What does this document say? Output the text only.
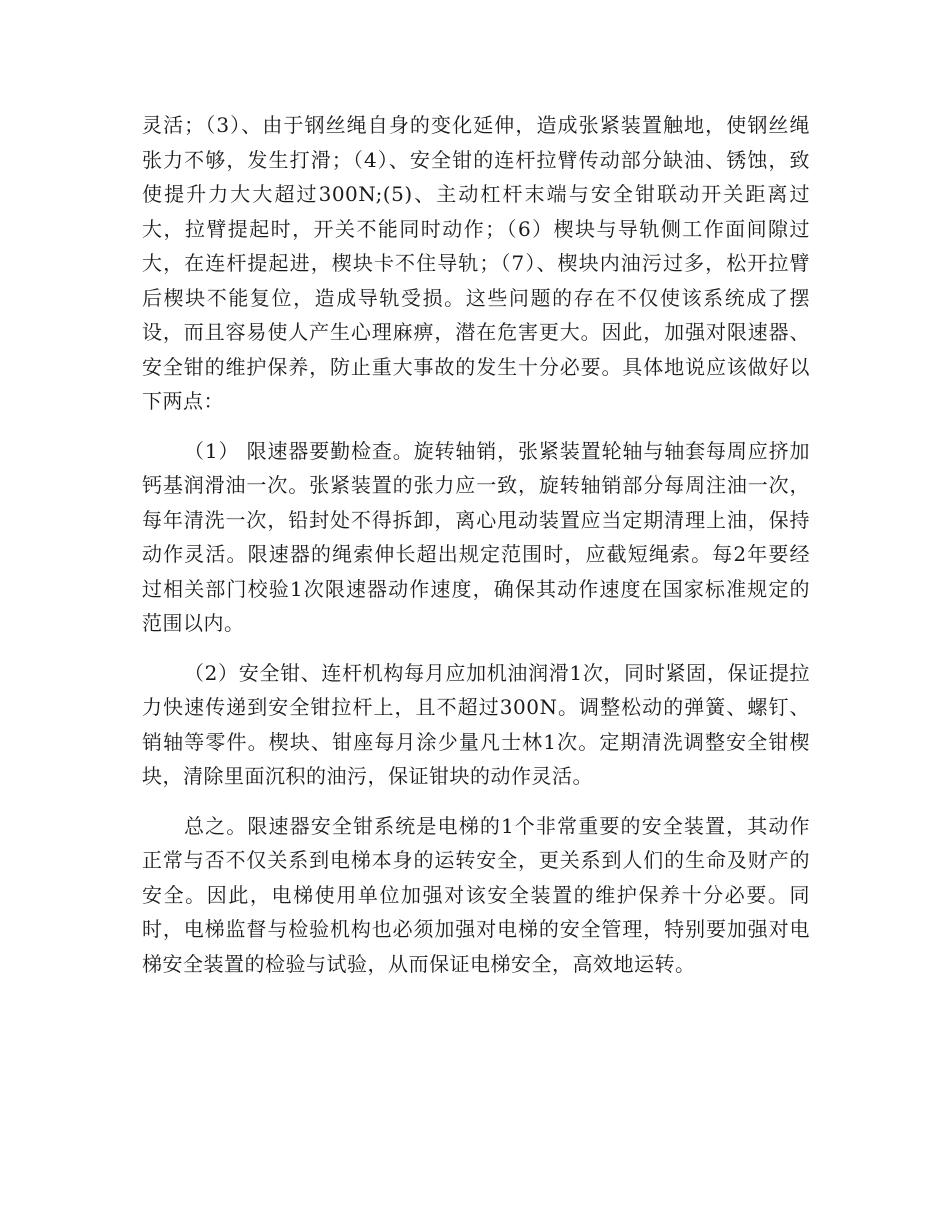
灵活；（3）、由于钢丝绳自身的变化延伸，造成张紧装置触地，使钢丝绳张力不够，发生打滑；（4）、安全钳的连杆拉臂传动部分缺油、锈蚀，致使提升力大大超过300N;(5)、主动杠杆末端与安全钳联动开关距离过大，拉臂提起时，开关不能同时动作；（6）楔块与导轨侧工作面间隙过大，在连杆提起进，楔块卡不住导轨；（7）、楔块内油污过多，松开拉臂后楔块不能复位，造成导轨受损。这些问题的存在不仅使该系统成了摆设，而且容易使人产生心理麻痹，潜在危害更大。因此，加强对限速器、安全钳的维护保养，防止重大事故的发生十分必要。具体地说应该做好以下两点：

（1） 限速器要勤检查。旋转轴销，张紧装置轮轴与轴套每周应挤加钙基润滑油一次。张紧装置的张力应一致，旋转轴销部分每周注油一次，每年清洗一次，铅封处不得拆卸，离心甩动装置应当定期清理上油，保持动作灵活。限速器的绳索伸长超出规定范围时，应截短绳索。每2年要经过相关部门校验1次限速器动作速度，确保其动作速度在国家标准规定的范围以内。

（2）安全钳、连杆机构每月应加机油润滑1次，同时紧固，保证提拉力快速传递到安全钳拉杆上，且不超过300N。调整松动的弹簧、螺钉、销轴等零件。楔块、钳座每月涂少量凡士林1次。定期清洗调整安全钳楔块，清除里面沉积的油污，保证钳块的动作灵活。

总之。限速器安全钳系统是电梯的1个非常重要的安全装置，其动作正常与否不仅关系到电梯本身的运转安全，更关系到人们的生命及财产的安全。因此，电梯使用单位加强对该安全装置的维护保养十分必要。同时，电梯监督与检验机构也必须加强对电梯的安全管理，特别要加强对电梯安全装置的检验与试验，从而保证电梯安全，高效地运转。
